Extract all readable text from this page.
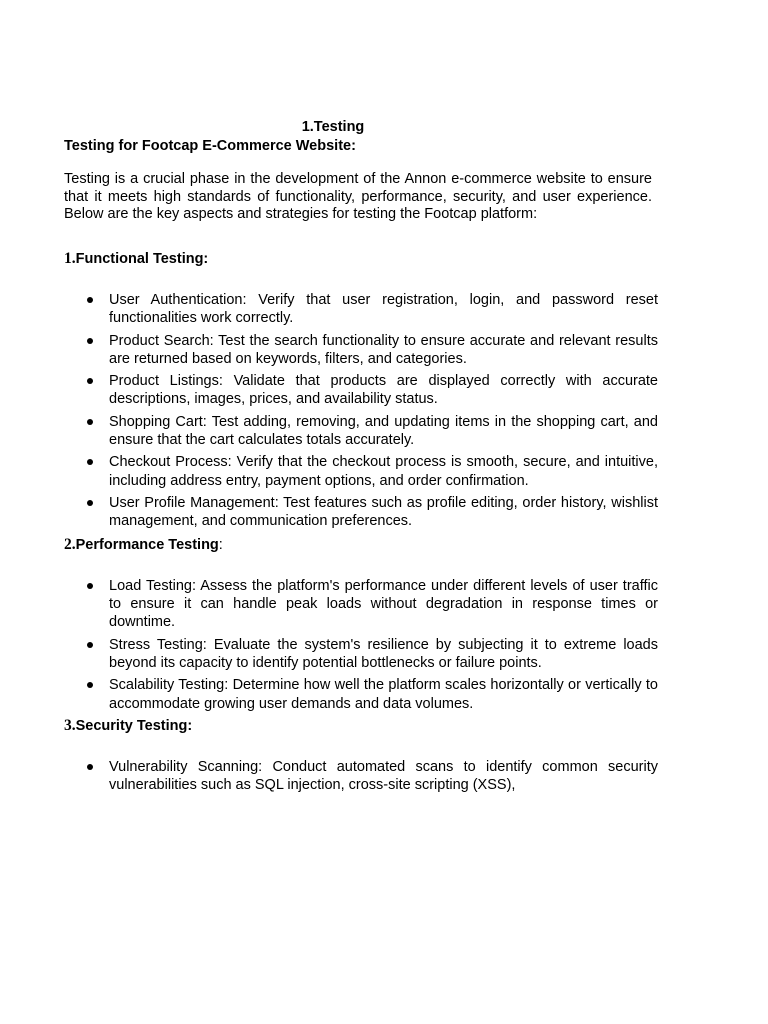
1.Testing
Testing for Footcap E-Commerce Website:

Testing is a crucial phase in the development of the Annon e-commerce website to ensure that it meets high standards of functionality, performance, security, and user experience. Below are the key aspects and strategies for testing the Footcap platform:

1.Functional Testing:
User Authentication: Verify that user registration, login, and password reset functionalities work correctly.
Product Search: Test the search functionality to ensure accurate and relevant results are returned based on keywords, filters, and categories.
Product Listings: Validate that products are displayed correctly with accurate descriptions, images, prices, and availability status.
Shopping Cart: Test adding, removing, and updating items in the shopping cart, and ensure that the cart calculates totals accurately.
Checkout Process: Verify that the checkout process is smooth, secure, and intuitive, including address entry, payment options, and order confirmation.
User Profile Management: Test features such as profile editing, order history, wishlist management, and communication preferences.
2.Performance Testing:
Load Testing: Assess the platform's performance under different levels of user traffic to ensure it can handle peak loads without degradation in response times or downtime.
Stress Testing: Evaluate the system's resilience by subjecting it to extreme loads beyond its capacity to identify potential bottlenecks or failure points.
Scalability Testing: Determine how well the platform scales horizontally or vertically to accommodate growing user demands and data volumes.
3.Security Testing:
Vulnerability Scanning: Conduct automated scans to identify common security vulnerabilities such as SQL injection, cross-site scripting (XSS),
